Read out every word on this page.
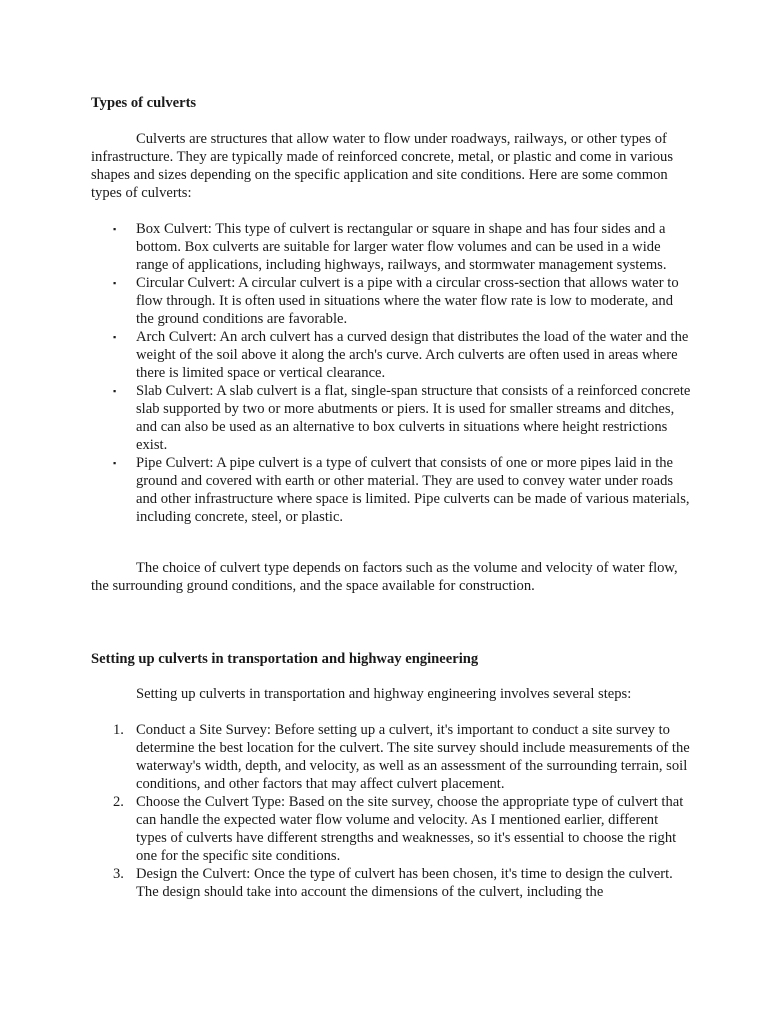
Types of culverts

Culverts are structures that allow water to flow under roadways, railways, or other types of infrastructure. They are typically made of reinforced concrete, metal, or plastic and come in various shapes and sizes depending on the specific application and site conditions. Here are some common types of culverts:

▪ Box Culvert: This type of culvert is rectangular or square in shape and has four sides and a bottom. Box culverts are suitable for larger water flow volumes and can be used in a wide range of applications, including highways, railways, and stormwater management systems.
▪ Circular Culvert: A circular culvert is a pipe with a circular cross-section that allows water to flow through. It is often used in situations where the water flow rate is low to moderate, and the ground conditions are favorable.
▪ Arch Culvert: An arch culvert has a curved design that distributes the load of the water and the weight of the soil above it along the arch's curve. Arch culverts are often used in areas where there is limited space or vertical clearance.
▪ Slab Culvert: A slab culvert is a flat, single-span structure that consists of a reinforced concrete slab supported by two or more abutments or piers. It is used for smaller streams and ditches, and can also be used as an alternative to box culverts in situations where height restrictions exist.
▪ Pipe Culvert: A pipe culvert is a type of culvert that consists of one or more pipes laid in the ground and covered with earth or other material. They are used to convey water under roads and other infrastructure where space is limited. Pipe culverts can be made of various materials, including concrete, steel, or plastic.

The choice of culvert type depends on factors such as the volume and velocity of water flow, the surrounding ground conditions, and the space available for construction.

Setting up culverts in transportation and highway engineering

Setting up culverts in transportation and highway engineering involves several steps:

1. Conduct a Site Survey: Before setting up a culvert, it's important to conduct a site survey to determine the best location for the culvert. The site survey should include measurements of the waterway's width, depth, and velocity, as well as an assessment of the surrounding terrain, soil conditions, and other factors that may affect culvert placement.
2. Choose the Culvert Type: Based on the site survey, choose the appropriate type of culvert that can handle the expected water flow volume and velocity. As I mentioned earlier, different types of culverts have different strengths and weaknesses, so it's essential to choose the right one for the specific site conditions.
3. Design the Culvert: Once the type of culvert has been chosen, it's time to design the culvert. The design should take into account the dimensions of the culvert, including the
